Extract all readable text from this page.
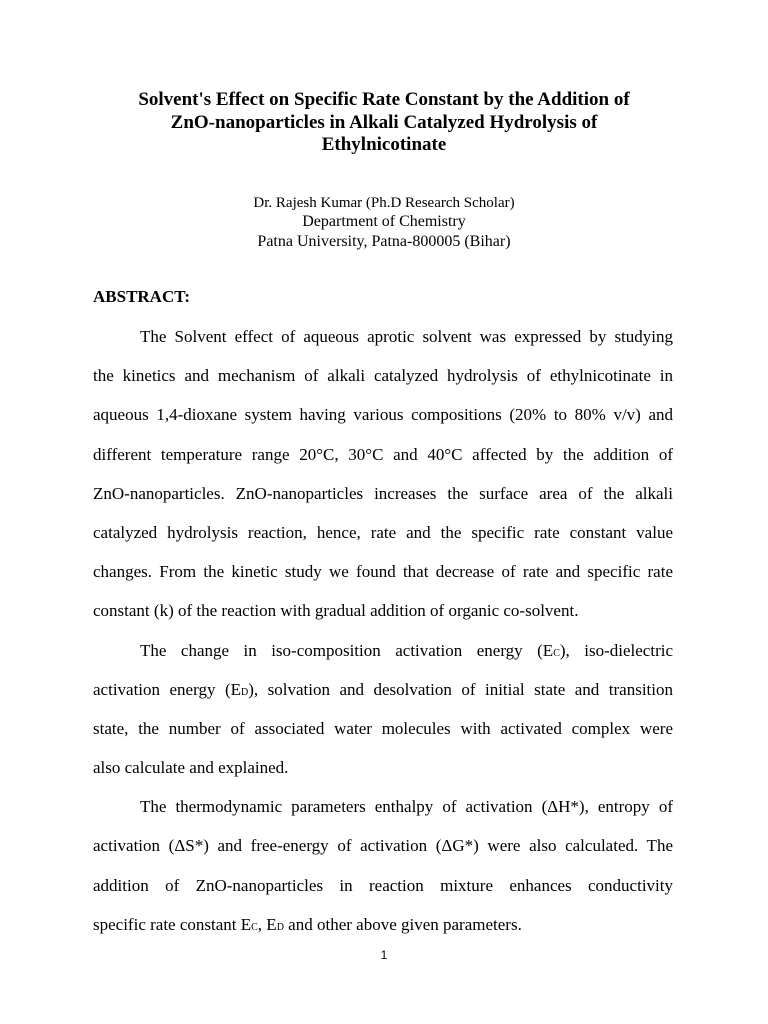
Solvent's Effect on Specific Rate Constant by the Addition of
ZnO-nanoparticles in Alkali Catalyzed Hydrolysis of
Ethylnicotinate
Dr. Rajesh Kumar (Ph.D Research Scholar)
Department of Chemistry
Patna University, Patna-800005 (Bihar)
ABSTRACT:
The Solvent effect of aqueous aprotic solvent was expressed by studying
the kinetics and mechanism of alkali catalyzed hydrolysis of ethylnicotinate in
aqueous 1,4-dioxane system having various compositions (20% to 80% v/v) and
different temperature range 20°C, 30°C and 40°C affected by the addition of
ZnO-nanoparticles. ZnO-nanoparticles increases the surface area of the alkali
catalyzed hydrolysis reaction, hence, rate and the specific rate constant value
changes. From the kinetic study we found that decrease of rate and specific rate
constant (k) of the reaction with gradual addition of organic co-solvent.
The change in iso-composition activation energy (EC), iso-dielectric
activation energy (ED), solvation and desolvation of initial state and transition
state, the number of associated water molecules with activated complex were
also calculate and explained.
The thermodynamic parameters enthalpy of activation (ΔH*), entropy of
activation (ΔS*) and free-energy of activation (ΔG*) were also calculated. The
addition of ZnO-nanoparticles in reaction mixture enhances conductivity
specific rate constant EC, ED and other above given parameters.
1
